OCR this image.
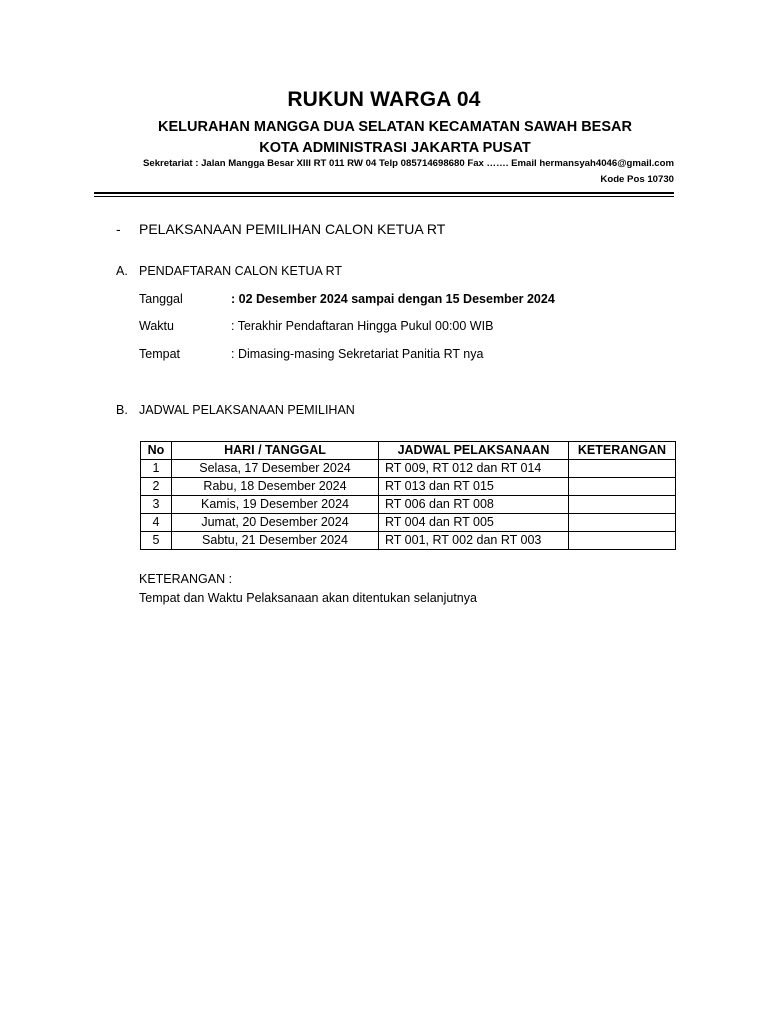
RUKUN WARGA 04
KELURAHAN MANGGA DUA SELATAN KECAMATAN SAWAH BESAR
KOTA ADMINISTRASI JAKARTA PUSAT
Sekretariat : Jalan Mangga Besar XIII RT 011 RW 04 Telp 085714698680 Fax ……. Email hermansyah4046@gmail.com
Kode Pos 10730
- PELAKSANAAN PEMILIHAN CALON KETUA RT
A. PENDAFTARAN CALON KETUA RT
Tanggal	: 02 Desember 2024 sampai dengan 15 Desember 2024
Waktu	: Terakhir Pendaftaran Hingga Pukul 00:00 WIB
Tempat	: Dimasing-masing Sekretariat Panitia RT nya
B. JADWAL PELAKSANAAN PEMILIHAN
No	HARI / TANGGAL	JADWAL PELAKSANAAN	KETERANGAN
1	Selasa, 17 Desember 2024	RT 009, RT 012 dan RT 014	
2	Rabu, 18 Desember 2024	RT 013 dan RT 015	
3	Kamis, 19 Desember 2024	RT 006 dan RT 008	
4	Jumat, 20 Desember 2024	RT 004 dan RT 005	
5	Sabtu, 21 Desember 2024	RT 001, RT 002 dan RT 003	
KETERANGAN :
Tempat dan Waktu Pelaksanaan akan ditentukan selanjutnya
